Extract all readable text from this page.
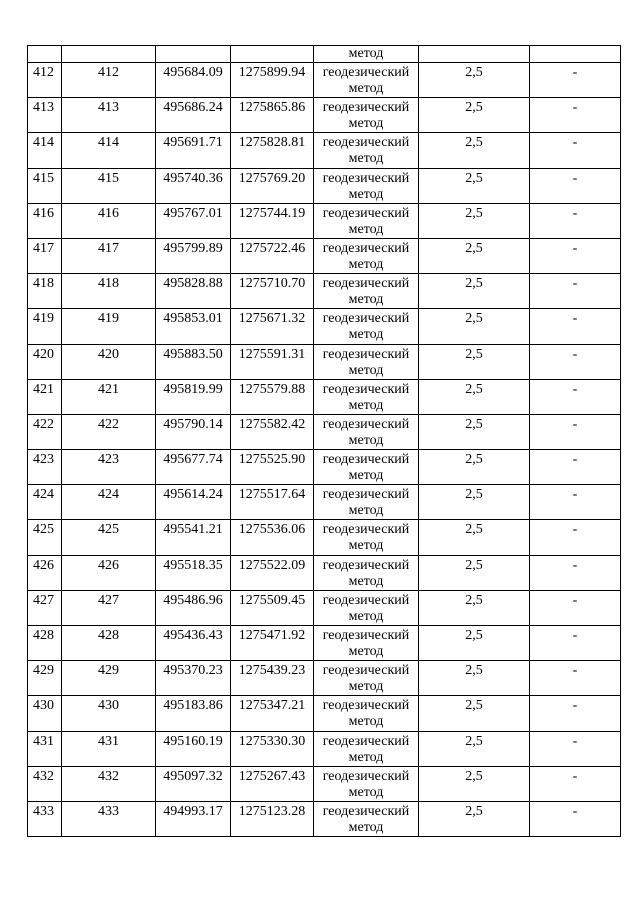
				метод		
412	412	495684.09	1275899.94	геодезический
метод	2,5	-
413	413	495686.24	1275865.86	геодезический
метод	2,5	-
414	414	495691.71	1275828.81	геодезический
метод	2,5	-
415	415	495740.36	1275769.20	геодезический
метод	2,5	-
416	416	495767.01	1275744.19	геодезический
метод	2,5	-
417	417	495799.89	1275722.46	геодезический
метод	2,5	-
418	418	495828.88	1275710.70	геодезический
метод	2,5	-
419	419	495853.01	1275671.32	геодезический
метод	2,5	-
420	420	495883.50	1275591.31	геодезический
метод	2,5	-
421	421	495819.99	1275579.88	геодезический
метод	2,5	-
422	422	495790.14	1275582.42	геодезический
метод	2,5	-
423	423	495677.74	1275525.90	геодезический
метод	2,5	-
424	424	495614.24	1275517.64	геодезический
метод	2,5	-
425	425	495541.21	1275536.06	геодезический
метод	2,5	-
426	426	495518.35	1275522.09	геодезический
метод	2,5	-
427	427	495486.96	1275509.45	геодезический
метод	2,5	-
428	428	495436.43	1275471.92	геодезический
метод	2,5	-
429	429	495370.23	1275439.23	геодезический
метод	2,5	-
430	430	495183.86	1275347.21	геодезический
метод	2,5	-
431	431	495160.19	1275330.30	геодезический
метод	2,5	-
432	432	495097.32	1275267.43	геодезический
метод	2,5	-
433	433	494993.17	1275123.28	геодезический
метод	2,5	-
